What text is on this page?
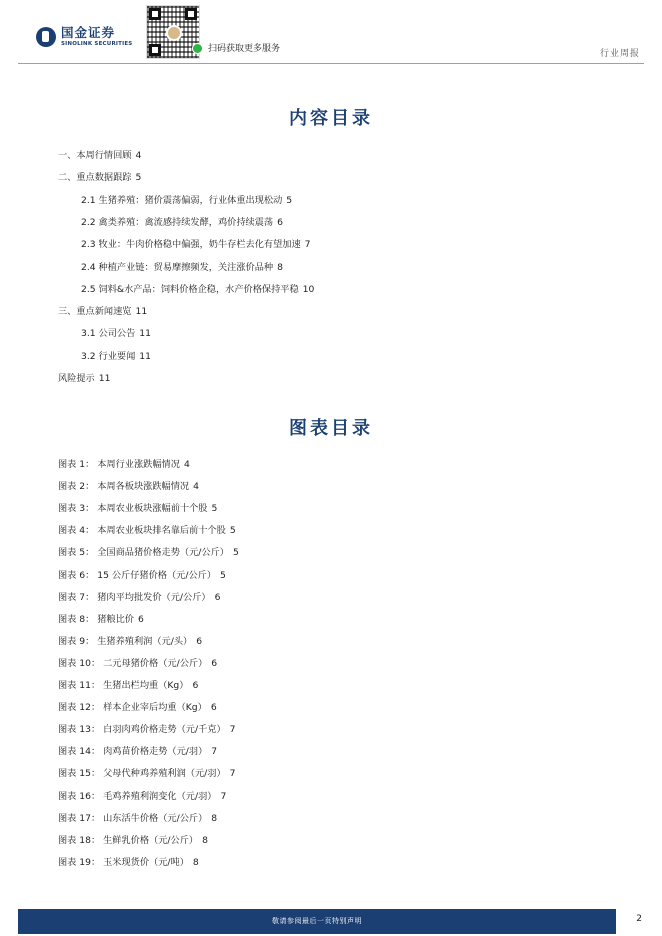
国金证券
SINOLINK SECURITIES
扫码获取更多服务	行业周报
内容目录
一、本周行情回顾 4
二、重点数据跟踪 5
2.1 生猪养殖：猪价震荡偏弱，行业体重出现松动 5
2.2 禽类养殖：禽流感持续发酵，鸡价持续震荡 6
2.3 牧业：牛肉价格稳中偏强，奶牛存栏去化有望加速 7
2.4 种植产业链：贸易摩擦频发，关注涨价品种 8
2.5 饲料&水产品：饲料价格企稳，水产价格保持平稳 10
三、重点新闻速览 11
3.1 公司公告 11
3.2 行业要闻 11
风险提示 11
图表目录
图表 1： 本周行业涨跌幅情况 4
图表 2： 本周各板块涨跌幅情况 4
图表 3： 本周农业板块涨幅前十个股 5
图表 4： 本周农业板块排名靠后前十个股 5
图表 5： 全国商品猪价格走势（元/公斤） 5
图表 6： 15 公斤仔猪价格（元/公斤） 5
图表 7： 猪肉平均批发价（元/公斤） 6
图表 8： 猪粮比价 6
图表 9： 生猪养殖利润（元/头） 6
图表 10： 二元母猪价格（元/公斤） 6
图表 11： 生猪出栏均重（Kg） 6
图表 12： 样本企业宰后均重（Kg） 6
图表 13： 白羽肉鸡价格走势（元/千克） 7
图表 14： 肉鸡苗价格走势（元/羽） 7
图表 15： 父母代种鸡养殖利润（元/羽） 7
图表 16： 毛鸡养殖利润变化（元/羽） 7
图表 17： 山东活牛价格（元/公斤） 8
图表 18： 生鲜乳价格（元/公斤） 8
图表 19： 玉米现货价（元/吨） 8
敬请参阅最后一页特别声明	2
